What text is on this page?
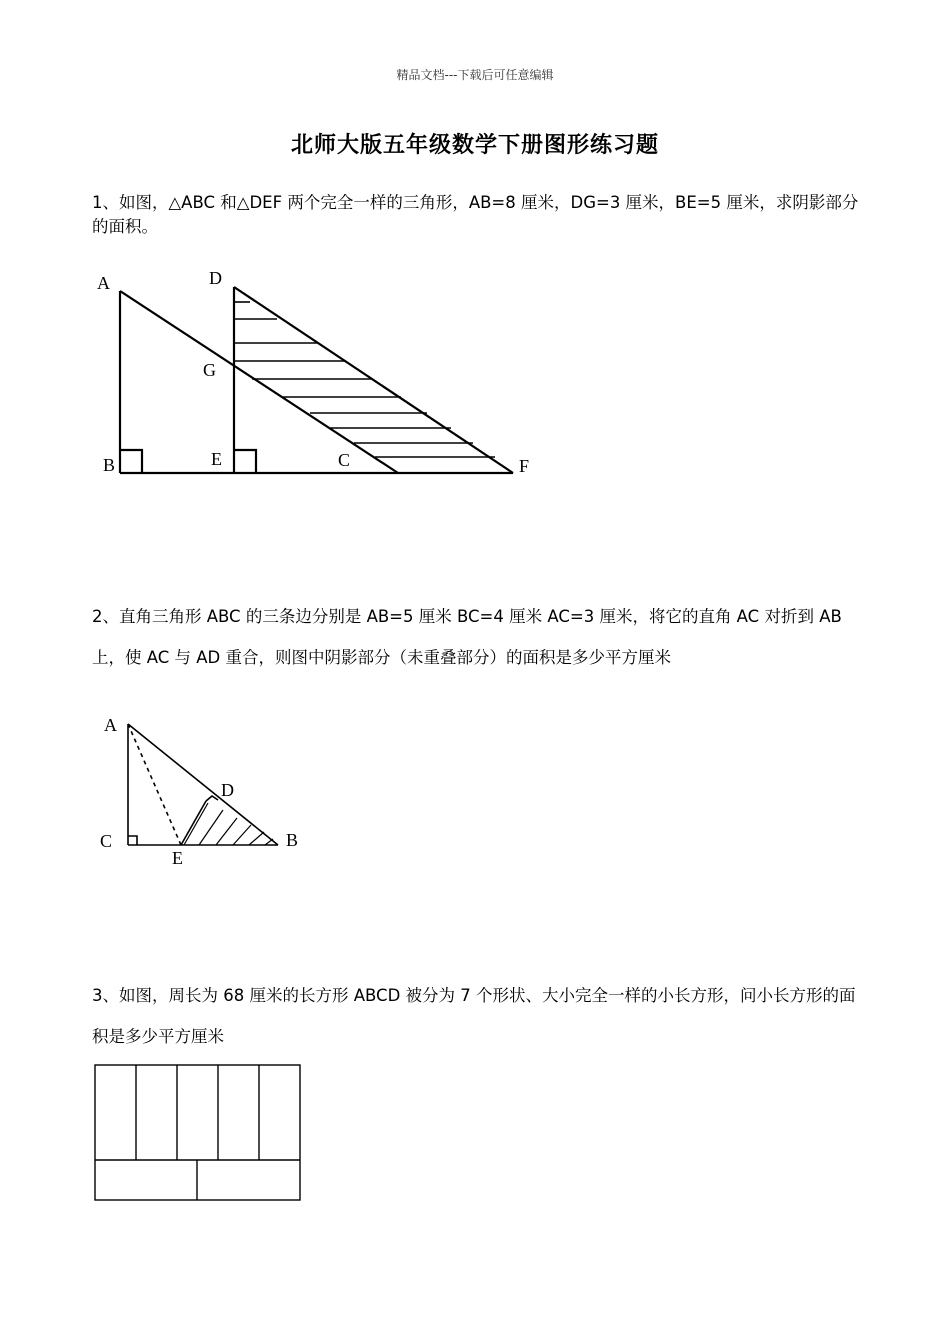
精品文档---下载后可任意编辑
北师大版五年级数学下册图形练习题
1、如图，△ABC 和△DEF 两个完全一样的三角形，AB=8 厘米，DG=3 厘米，BE=5 厘米，求阴影部分的面积。
A	D
G
B	E	C	F
2、直角三角形 ABC 的三条边分别是 AB=5 厘米 BC=4 厘米 AC=3 厘米，将它的直角 AC 对折到 AB 上，使 AC 与 AD 重合，则图中阴影部分（未重叠部分）的面积是多少平方厘米
A
D
C
E
B
3、如图，周长为 68 厘米的长方形 ABCD 被分为 7 个形状、大小完全一样的小长方形，问小长方形的面积是多少平方厘米
